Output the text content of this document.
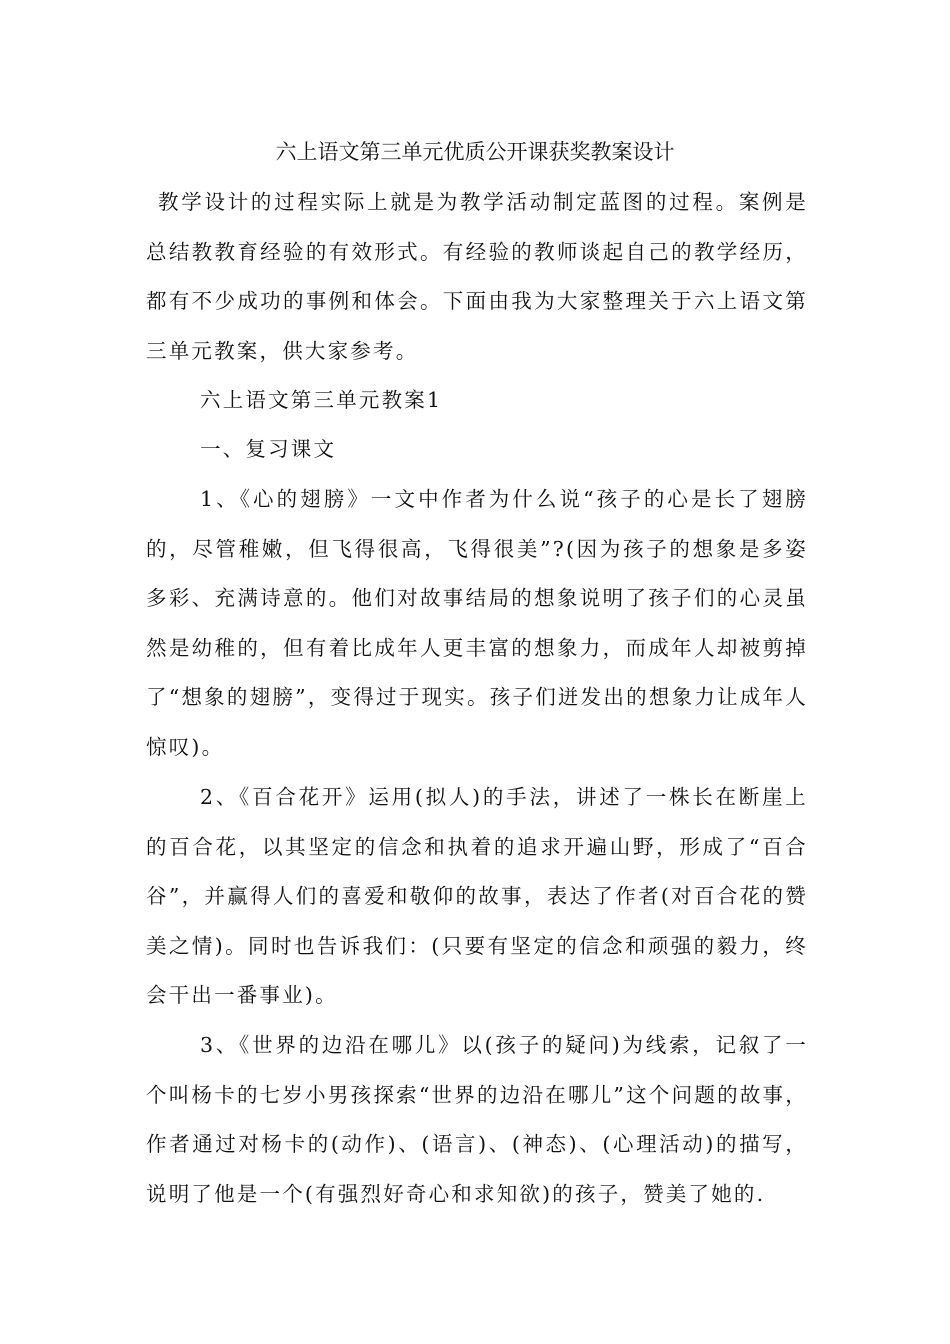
六上语文第三单元优质公开课获奖教案设计

教学设计的过程实际上就是为教学活动制定蓝图的过程。案例是总结教教育经验的有效形式。有经验的教师谈起自己的教学经历，都有不少成功的事例和体会。下面由我为大家整理关于六上语文第三单元教案，供大家参考。

六上语文第三单元教案1

一、复习课文

1、《心的翅膀》一文中作者为什么说“孩子的心是长了翅膀的，尽管稚嫩，但飞得很高，飞得很美”?(因为孩子的想象是多姿多彩、充满诗意的。他们对故事结局的想象说明了孩子们的心灵虽然是幼稚的，但有着比成年人更丰富的想象力，而成年人却被剪掉了“想象的翅膀”，变得过于现实。孩子们迸发出的想象力让成年人惊叹)。

2、《百合花开》运用(拟人)的手法，讲述了一株长在断崖上的百合花，以其坚定的信念和执着的追求开遍山野，形成了“百合谷”，并赢得人们的喜爱和敬仰的故事，表达了作者(对百合花的赞美之情)。同时也告诉我们：(只要有坚定的信念和顽强的毅力，终会干出一番事业)。

3、《世界的边沿在哪儿》以(孩子的疑问)为线索，记叙了一个叫杨卡的七岁小男孩探索“世界的边沿在哪儿”这个问题的故事，作者通过对杨卡的(动作)、(语言)、(神态)、(心理活动)的描写，说明了他是一个(有强烈好奇心和求知欲)的孩子，赞美了她的.
